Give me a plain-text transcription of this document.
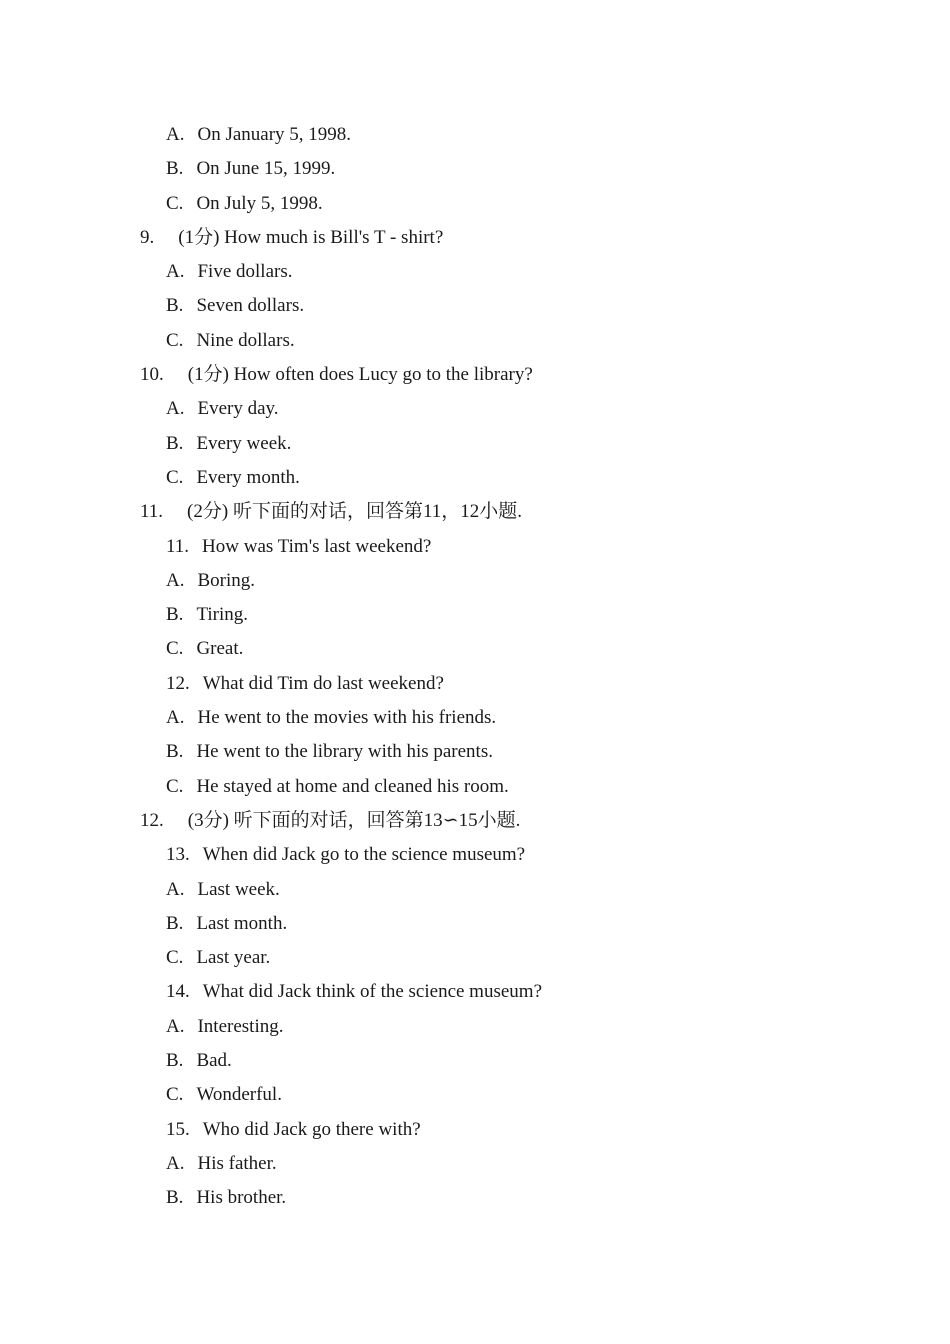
A. On January 5, 1998.
B. On June 15, 1999.
C. On July 5, 1998.
9. (1分) How much is Bill's T - shirt?
A. Five dollars.
B. Seven dollars.
C. Nine dollars.
10. (1分) How often does Lucy go to the library?
A. Every day.
B. Every week.
C. Every month.
11. (2分) 听下面的对话，回答第11，12小题.
11. How was Tim's last weekend?
A. Boring.
B. Tiring.
C. Great.
12. What did Tim do last weekend?
A. He went to the movies with his friends.
B. He went to the library with his parents.
C. He stayed at home and cleaned his room.
12. (3分) 听下面的对话，回答第13∽15小题.
13. When did Jack go to the science museum?
A. Last week.
B. Last month.
C. Last year.
14. What did Jack think of the science museum?
A. Interesting.
B. Bad.
C. Wonderful.
15. Who did Jack go there with?
A. His father.
B. His brother.
